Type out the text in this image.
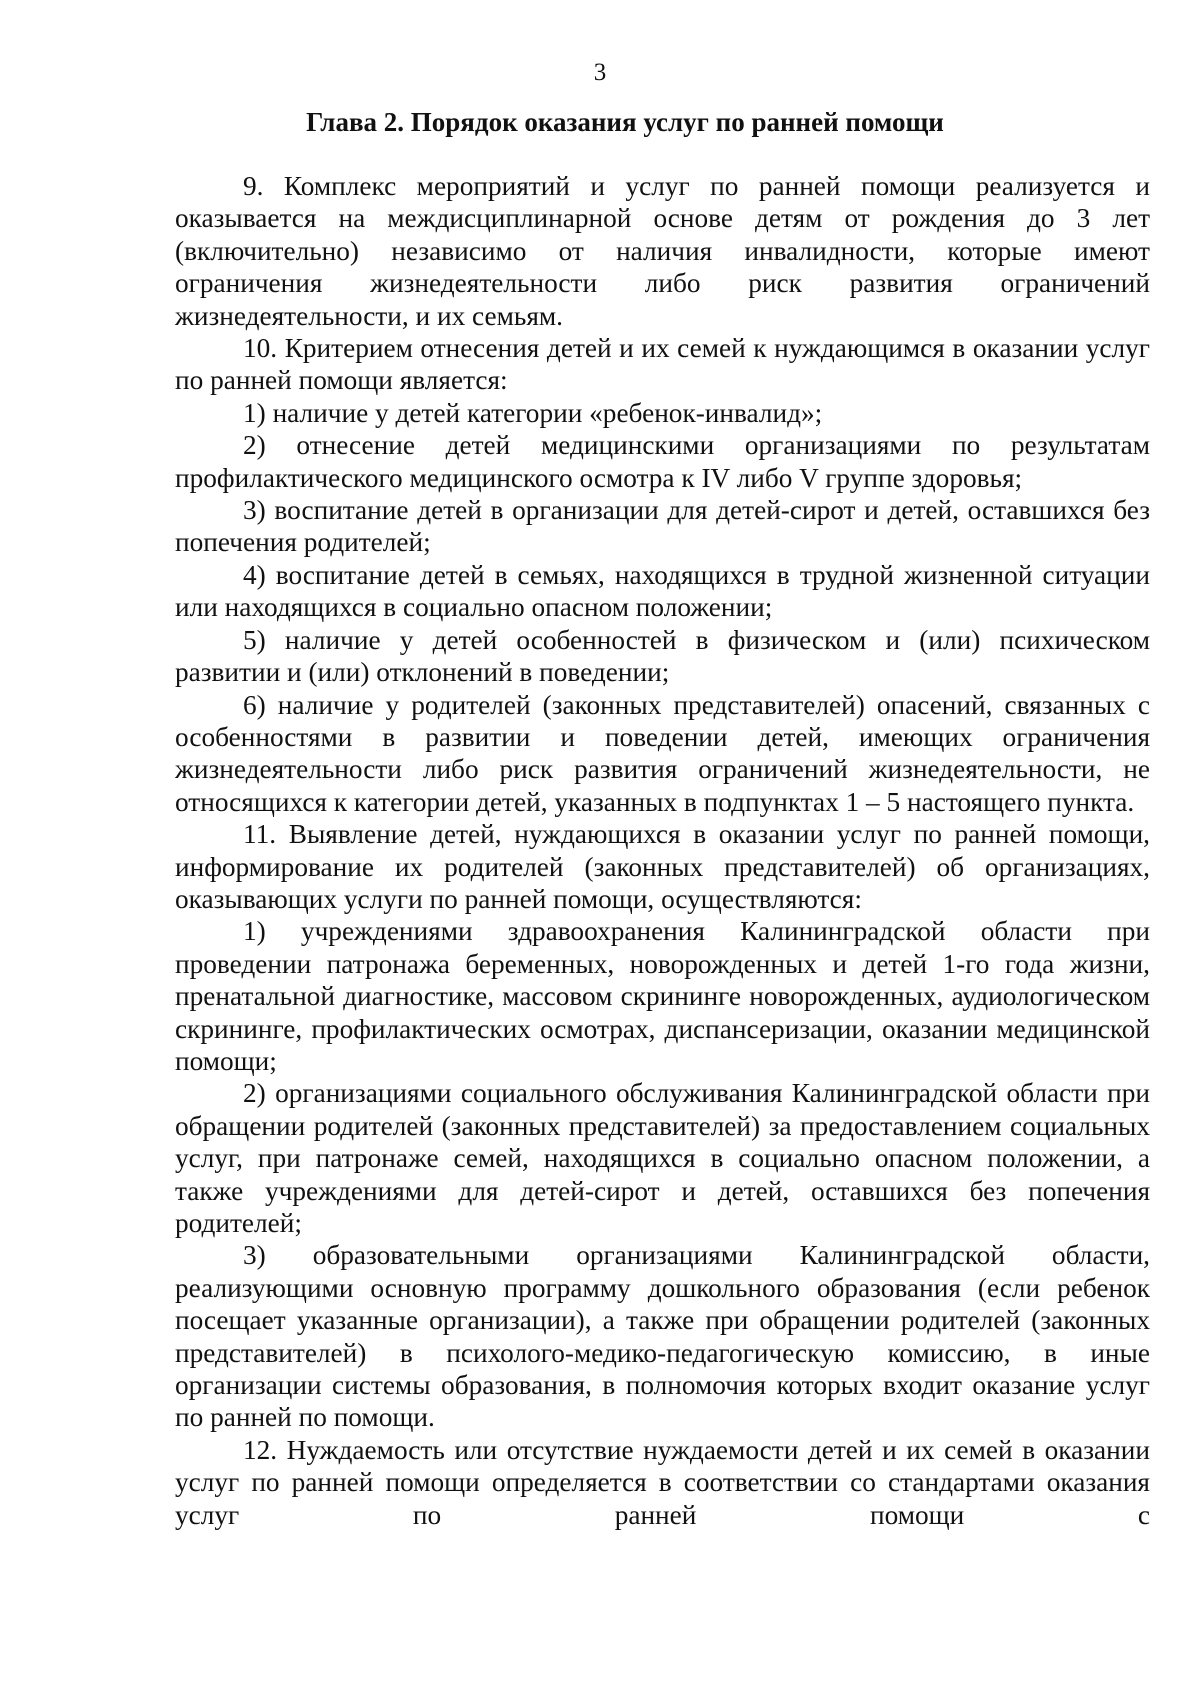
3
Глава 2. Порядок оказания услуг по ранней помощи

9. Комплекс мероприятий и услуг по ранней помощи реализуется и оказывается на междисциплинарной основе детям от рождения до 3 лет (включительно) независимо от наличия инвалидности, которые имеют ограничения жизнедеятельности либо риск развития ограничений жизнедеятельности, и их семьям.

10. Критерием отнесения детей и их семей к нуждающимся в оказании услуг по ранней помощи является:

1) наличие у детей категории «ребенок-инвалид»;

2) отнесение детей медицинскими организациями по результатам профилактического медицинского осмотра к IV либо V группе здоровья;

3) воспитание детей в организации для детей-сирот и детей, оставшихся без попечения родителей;

4) воспитание детей в семьях, находящихся в трудной жизненной ситуации или находящихся в социально опасном положении;

5) наличие у детей особенностей в физическом и (или) психическом развитии и (или) отклонений в поведении;

6) наличие у родителей (законных представителей) опасений, связанных с особенностями в развитии и поведении детей, имеющих ограничения жизнедеятельности либо риск развития ограничений жизнедеятельности, не относящихся к категории детей, указанных в подпунктах 1 – 5 настоящего пункта.

11. Выявление детей, нуждающихся в оказании услуг по ранней помощи, информирование их родителей (законных представителей) об организациях, оказывающих услуги по ранней помощи, осуществляются:

1) учреждениями здравоохранения Калининградской области при проведении патронажа беременных, новорожденных и детей 1-го года жизни, пренатальной диагностике, массовом скрининге новорожденных, аудиологическом скрининге, профилактических осмотрах, диспансеризации, оказании медицинской помощи;

2) организациями социального обслуживания Калининградской области при обращении родителей (законных представителей) за предоставлением социальных услуг, при патронаже семей, находящихся в социально опасном положении, а также учреждениями для детей-сирот и детей, оставшихся без попечения родителей;

3) образовательными организациями Калининградской области, реализующими основную программу дошкольного образования (если ребенок посещает указанные организации), а также при обращении родителей (законных представителей) в психолого-медико-педагогическую комиссию, в иные организации системы образования, в полномочия которых входит оказание услуг по ранней по помощи.

12. Нуждаемость или отсутствие нуждаемости детей и их семей в оказании услуг по ранней помощи определяется в соответствии со стандартами оказания услуг по ранней помощи с
